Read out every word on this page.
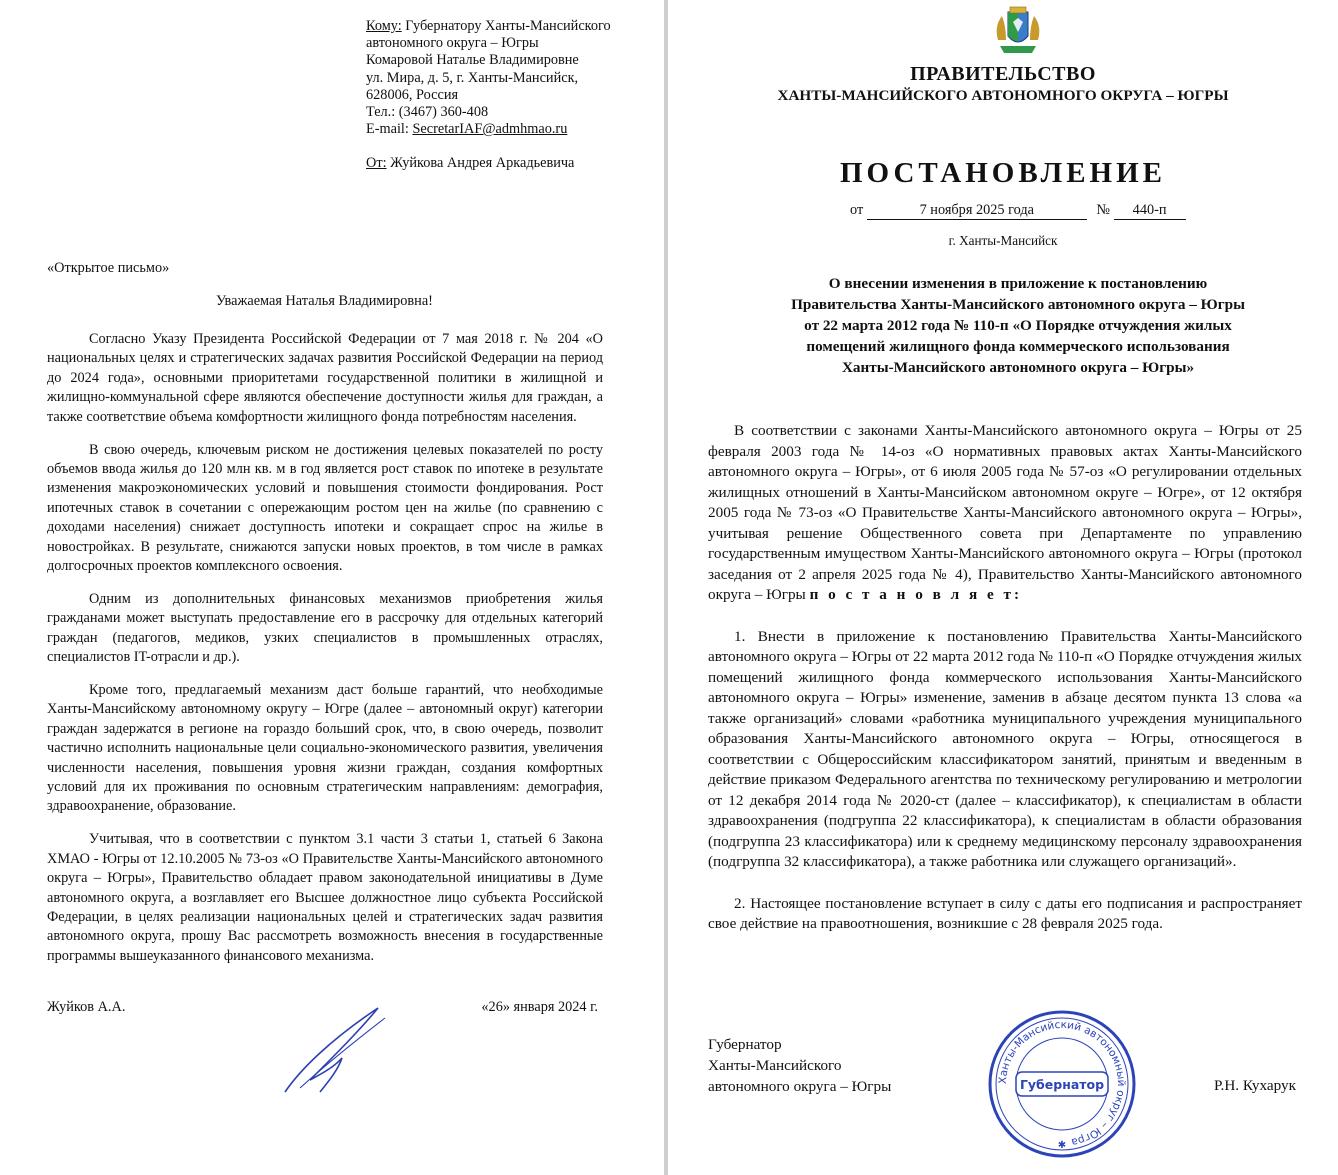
Кому: Губернатору Ханты-Мансийского
автономного округа – Югры
Комаровой Наталье Владимировне
ул. Мира, д. 5, г. Ханты-Мансийск,
628006, Россия
Тел.: (3467) 360-408
E-mail: SecretarIAF@admhmao.ru
От: Жуйкова Андрея Аркадьевича
«Открытое письмо»
Уважаемая Наталья Владимировна!

Согласно Указу Президента Российской Федерации от 7 мая 2018 г. № 204 «О национальных целях и стратегических задачах развития Российской Федерации на период до 2024 года», основными приоритетами государственной политики в жилищной и жилищно-коммунальной сфере являются обеспечение доступности жилья для граждан, а также соответствие объема комфортности жилищного фонда потребностям населения.

В свою очередь, ключевым риском не достижения целевых показателей по росту объемов ввода жилья до 120 млн кв. м в год является рост ставок по ипотеке в результате изменения макроэкономических условий и повышения стоимости фондирования. Рост ипотечных ставок в сочетании с опережающим ростом цен на жилье (по сравнению с доходами населения) снижает доступность ипотеки и сокращает спрос на жилье в новостройках. В результате, снижаются запуски новых проектов, в том числе в рамках долгосрочных проектов комплексного освоения.

Одним из дополнительных финансовых механизмов приобретения жилья гражданами может выступать предоставление его в рассрочку для отдельных категорий граждан (педагогов, медиков, узких специалистов в промышленных отраслях, специалистов IT-отрасли и др.).

Кроме того, предлагаемый механизм даст больше гарантий, что необходимые Ханты-Мансийскому автономному округу – Югре (далее – автономный округ) категории граждан задержатся в регионе на гораздо больший срок, что, в свою очередь, позволит частично исполнить национальные цели социально-экономического развития, увеличения численности населения, повышения уровня жизни граждан, создания комфортных условий для их проживания по основным стратегическим направлениям: демография, здравоохранение, образование.

Учитывая, что в соответствии с пунктом 3.1 части 3 статьи 1, статьей 6 Закона ХМАО - Югры от 12.10.2005 № 73-оз «О Правительстве Ханты-Мансийского автономного округа – Югры», Правительство обладает правом законодательной инициативы в Думе автономного округа, а возглавляет его Высшее должностное лицо субъекта Российской Федерации, в целях реализации национальных целей и стратегических задач развития автономного округа, прошу Вас рассмотреть возможность внесения в государственные программы вышеуказанного финансового механизма.

Жуйков А.А.	«26» января 2024 г.
ПРАВИТЕЛЬСТВО
ХАНТЫ-МАНСИЙСКОГО АВТОНОМНОГО ОКРУГА – ЮГРЫ
ПОСТАНОВЛЕНИЕ
от	7 ноября 2025 года	№ 440-п
г. Ханты-Мансийск
О внесении изменения в приложение к постановлению
Правительства Ханты-Мансийского автономного округа – Югры
от 22 марта 2012 года № 110-п «О Порядке отчуждения жилых
помещений жилищного фонда коммерческого использования
Ханты-Мансийского автономного округа – Югры»

В соответствии с законами Ханты-Мансийского автономного округа – Югры от 25 февраля 2003 года № 14-оз «О нормативных правовых актах Ханты-Мансийского автономного округа – Югры», от 6 июля 2005 года № 57-оз «О регулировании отдельных жилищных отношений в Ханты-Мансийском автономном округе – Югре», от 12 октября 2005 года № 73-оз «О Правительстве Ханты-Мансийского автономного округа – Югры», учитывая решение Общественного совета при Департаменте по управлению государственным имуществом Ханты-Мансийского автономного округа – Югры (протокол заседания от 2 апреля 2025 года № 4), Правительство Ханты-Мансийского автономного округа – Югры п о с т а н о в л я е т:

1. Внести в приложение к постановлению Правительства Ханты-Мансийского автономного округа – Югры от 22 марта 2012 года № 110-п «О Порядке отчуждения жилых помещений жилищного фонда коммерческого использования Ханты-Мансийского автономного округа – Югры» изменение, заменив в абзаце десятом пункта 13 слова «а также организаций» словами «работника муниципального учреждения муниципального образования Ханты-Мансийского автономного округа – Югры, относящегося в соответствии с Общероссийским классификатором занятий, принятым и введенным в действие приказом Федерального агентства по техническому регулированию и метрологии от 12 декабря 2014 года № 2020-ст (далее – классификатор), к специалистам в области здравоохранения (подгруппа 22 классификатора), к специалистам в области образования (подгруппа 23 классификатора) или к среднему медицинскому персоналу здравоохранения (подгруппа 32 классификатора), а также работника или служащего организаций».

2. Настоящее постановление вступает в силу с даты его подписания и распространяет свое действие на правоотношения, возникшие с 28 февраля 2025 года.

Губернатор
Ханты-Мансийского
автономного округа – Югры	Р.Н. Кухарук
Ханты-Мансийский автономный округ – Югра
Губернатор
✱
